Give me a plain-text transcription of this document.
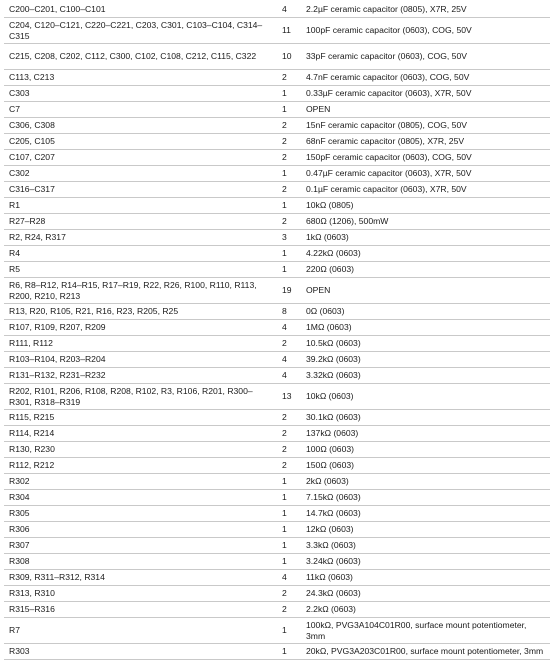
C200–C201, C100–C101	4	2.2µF ceramic capacitor (0805), X7R, 25V
C204, C120–C121, C220–C221, C203, C301, C103–C104, C314–C315	11	100pF ceramic capacitor (0603), COG, 50V
C215, C208, C202, C112, C300, C102, C108, C212, C115, C322	10	33pF ceramic capacitor (0603), COG, 50V
C113, C213	2	4.7nF ceramic capacitor (0603), COG, 50V
C303	1	0.33µF ceramic capacitor (0603), X7R, 50V
C7	1	OPEN
C306, C308	2	15nF ceramic capacitor (0805), COG, 50V
C205, C105	2	68nF ceramic capacitor (0805), X7R, 25V
C107, C207	2	150pF ceramic capacitor (0603), COG, 50V
C302	1	0.47µF ceramic capacitor (0603), X7R, 50V
C316–C317	2	0.1µF ceramic capacitor (0603), X7R, 50V
R1	1	10kΩ (0805)
R27–R28	2	680Ω (1206), 500mW
R2, R24, R317	3	1kΩ (0603)
R4	1	4.22kΩ (0603)
R5	1	220Ω (0603)
R6, R8–R12, R14–R15, R17–R19, R22, R26, R100, R110, R113, R200, R210, R213	19	OPEN
R13, R20, R105, R21, R16, R23, R205, R25	8	0Ω (0603)
R107, R109, R207, R209	4	1MΩ (0603)
R111, R112	2	10.5kΩ (0603)
R103–R104, R203–R204	4	39.2kΩ (0603)
R131–R132, R231–R232	4	3.32kΩ (0603)
R202, R101, R206, R108, R208, R102, R3, R106, R201, R300–R301, R318–R319	13	10kΩ (0603)
R115, R215	2	30.1kΩ (0603)
R114, R214	2	137kΩ (0603)
R130, R230	2	100Ω (0603)
R112, R212	2	150Ω (0603)
R302	1	2kΩ (0603)
R304	1	7.15kΩ (0603)
R305	1	14.7kΩ (0603)
R306	1	12kΩ (0603)
R307	1	3.3kΩ (0603)
R308	1	3.24kΩ (0603)
R309, R311–R312, R314	4	11kΩ (0603)
R313, R310	2	24.3kΩ (0603)
R315–R316	2	2.2kΩ (0603)
R7	1	100kΩ, PVG3A104C01R00, surface mount potentiometer, 3mm
R303	1	20kΩ, PVG3A203C01R00, surface mount potentiometer, 3mm
